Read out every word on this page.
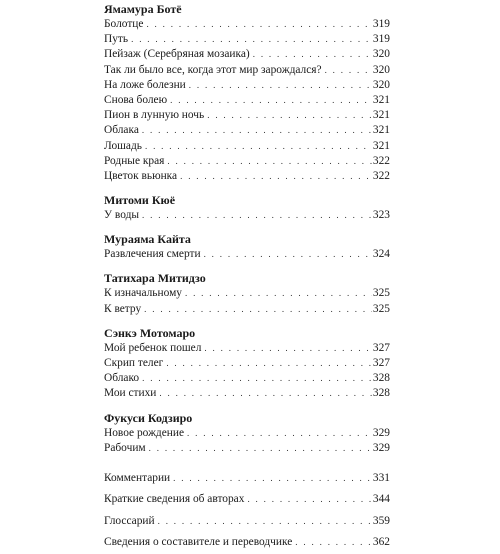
Ямамура Ботё
Болотце . . .	319
Путь . . .	319
Пейзаж (Серебряная мозаика) . . .	320
Так ли было все, когда этот мир зарождался? . . .	320
На ложе болезни . . .	320
Снова болею . . .	321
Пион в лунную ночь . . .	321
Облака . . .	321
Лошадь . . .	321
Родные края . . .	322
Цветок вьюнка . . .	322
Митоми Кюё
У воды . . .	323
Мураяма Кайта
Развлечения смерти . . .	324
Татихара Митидзо
К изначальному . . .	325
К ветру . . .	325
Сэнкэ Мотомаро
Мой ребенок пошел . . .	327
Скрип телег . . .	327
Облако . . .	328
Мои стихи . . .	328
Фукуси Кодзиро
Новое рождение . . .	329
Рабочим . . .	329
Комментарии . . .	331
Краткие сведения об авторах . . .	344
Глоссарий . . .	359
Сведения о составителе и переводчике . . .	362
